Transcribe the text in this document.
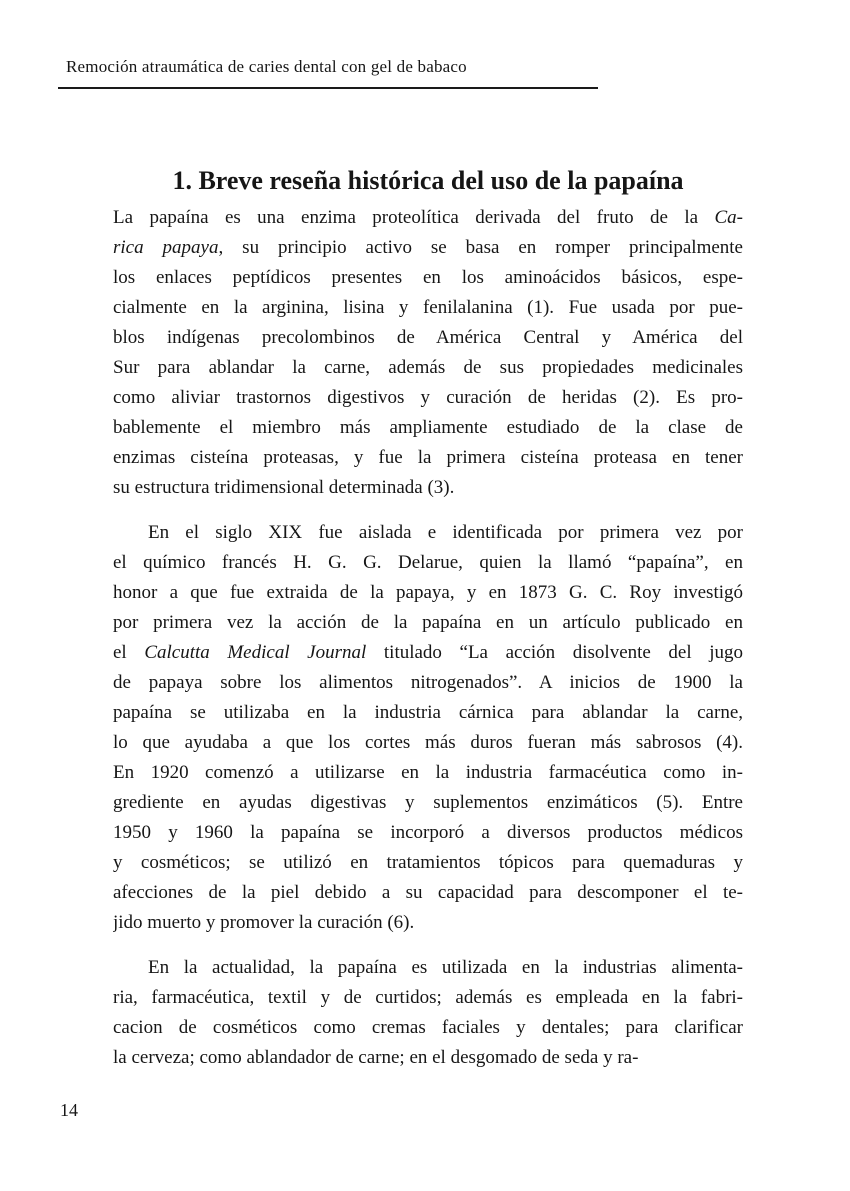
Remoción atraumática de caries dental con gel de babaco
1. Breve reseña histórica del uso de la papaína
La papaína es una enzima proteolítica derivada del fruto de la Ca-
rica papaya, su principio activo se basa en romper principalmente
los enlaces peptídicos presentes en los aminoácidos básicos, espe-
cialmente en la arginina, lisina y fenilalanina (1). Fue usada por pue-
blos indígenas precolombinos de América Central y América del
Sur para ablandar la carne, además de sus propiedades medicinales
como aliviar trastornos digestivos y curación de heridas (2). Es pro-
bablemente el miembro más ampliamente estudiado de la clase de
enzimas cisteína proteasas, y fue la primera cisteína proteasa en tener
su estructura tridimensional determinada (3).
En el siglo XIX fue aislada e identificada por primera vez por
el químico francés H. G. G. Delarue, quien la llamó “papaína”, en
honor a que fue extraida de la papaya, y en 1873 G. C. Roy investigó
por primera vez la acción de la papaína en un artículo publicado en
el Calcutta Medical Journal titulado “La acción disolvente del jugo
de papaya sobre los alimentos nitrogenados”. A inicios de 1900 la
papaína se utilizaba en la industria cárnica para ablandar la carne,
lo que ayudaba a que los cortes más duros fueran más sabrosos (4).
En 1920 comenzó a utilizarse en la industria farmacéutica como in-
grediente en ayudas digestivas y suplementos enzimáticos (5). Entre
1950 y 1960 la papaína se incorporó a diversos productos médicos
y cosméticos; se utilizó en tratamientos tópicos para quemaduras y
afecciones de la piel debido a su capacidad para descomponer el te-
jido muerto y promover la curación (6).
En la actualidad, la papaína es utilizada en la industrias alimenta-
ria, farmacéutica, textil y de curtidos; además es empleada en la fabri-
cacion de cosméticos como cremas faciales y dentales; para clarificar
la cerveza; como ablandador de carne; en el desgomado de seda y ra-
14
